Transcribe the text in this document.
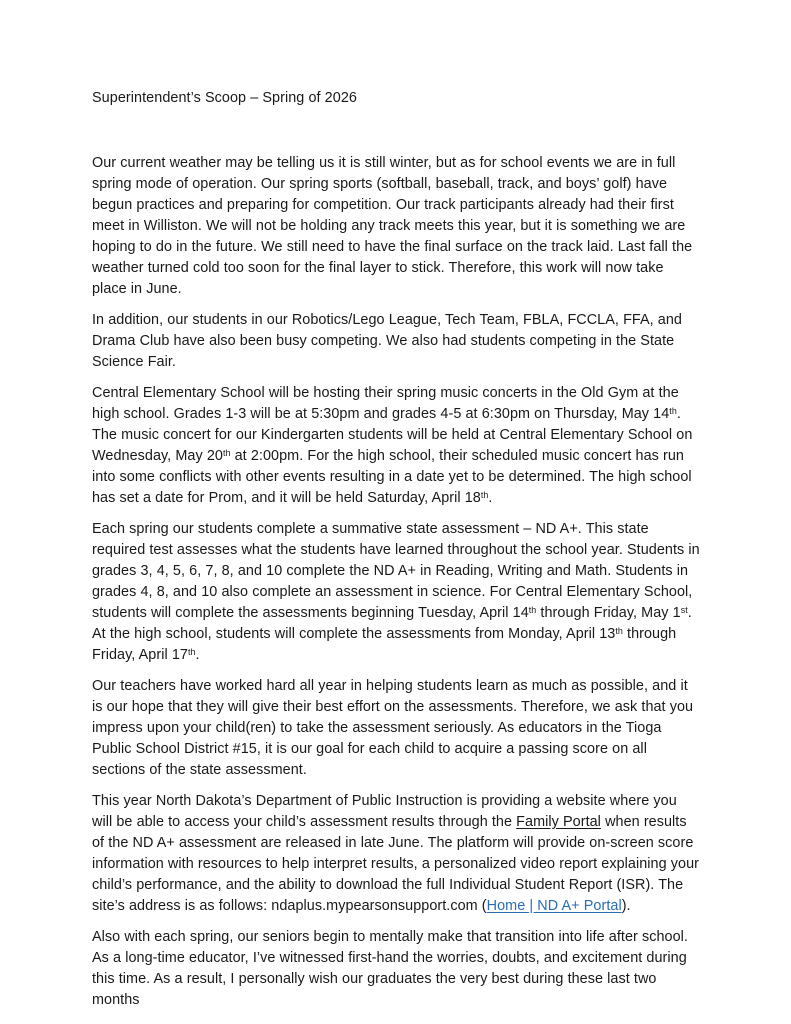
Superintendent’s Scoop – Spring of 2026

Our current weather may be telling us it is still winter, but as for school events we are in full spring mode of operation. Our spring sports (softball, baseball, track, and boys’ golf) have begun practices and preparing for competition. Our track participants already had their first meet in Williston. We will not be holding any track meets this year, but it is something we are hoping to do in the future. We still need to have the final surface on the track laid. Last fall the weather turned cold too soon for the final layer to stick. Therefore, this work will now take place in June.

In addition, our students in our Robotics/Lego League, Tech Team, FBLA, FCCLA, FFA, and Drama Club have also been busy competing. We also had students competing in the State Science Fair.

Central Elementary School will be hosting their spring music concerts in the Old Gym at the high school. Grades 1-3 will be at 5:30pm and grades 4-5 at 6:30pm on Thursday, May 14th. The music concert for our Kindergarten students will be held at Central Elementary School on Wednesday, May 20th at 2:00pm. For the high school, their scheduled music concert has run into some conflicts with other events resulting in a date yet to be determined. The high school has set a date for Prom, and it will be held Saturday, April 18th.

Each spring our students complete a summative state assessment – ND A+. This state required test assesses what the students have learned throughout the school year. Students in grades 3, 4, 5, 6, 7, 8, and 10 complete the ND A+ in Reading, Writing and Math. Students in grades 4, 8, and 10 also complete an assessment in science. For Central Elementary School, students will complete the assessments beginning Tuesday, April 14th through Friday, May 1st. At the high school, students will complete the assessments from Monday, April 13th through Friday, April 17th.

Our teachers have worked hard all year in helping students learn as much as possible, and it is our hope that they will give their best effort on the assessments. Therefore, we ask that you impress upon your child(ren) to take the assessment seriously. As educators in the Tioga Public School District #15, it is our goal for each child to acquire a passing score on all sections of the state assessment.

This year North Dakota’s Department of Public Instruction is providing a website where you will be able to access your child’s assessment results through the Family Portal when results of the ND A+ assessment are released in late June. The platform will provide on-screen score information with resources to help interpret results, a personalized video report explaining your child’s performance, and the ability to download the full Individual Student Report (ISR). The site’s address is as follows: ndaplus.mypearsonsupport.com (Home | ND A+ Portal).

Also with each spring, our seniors begin to mentally make that transition into life after school. As a long-time educator, I’ve witnessed first-hand the worries, doubts, and excitement during this time. As a result, I personally wish our graduates the very best during these last two months
